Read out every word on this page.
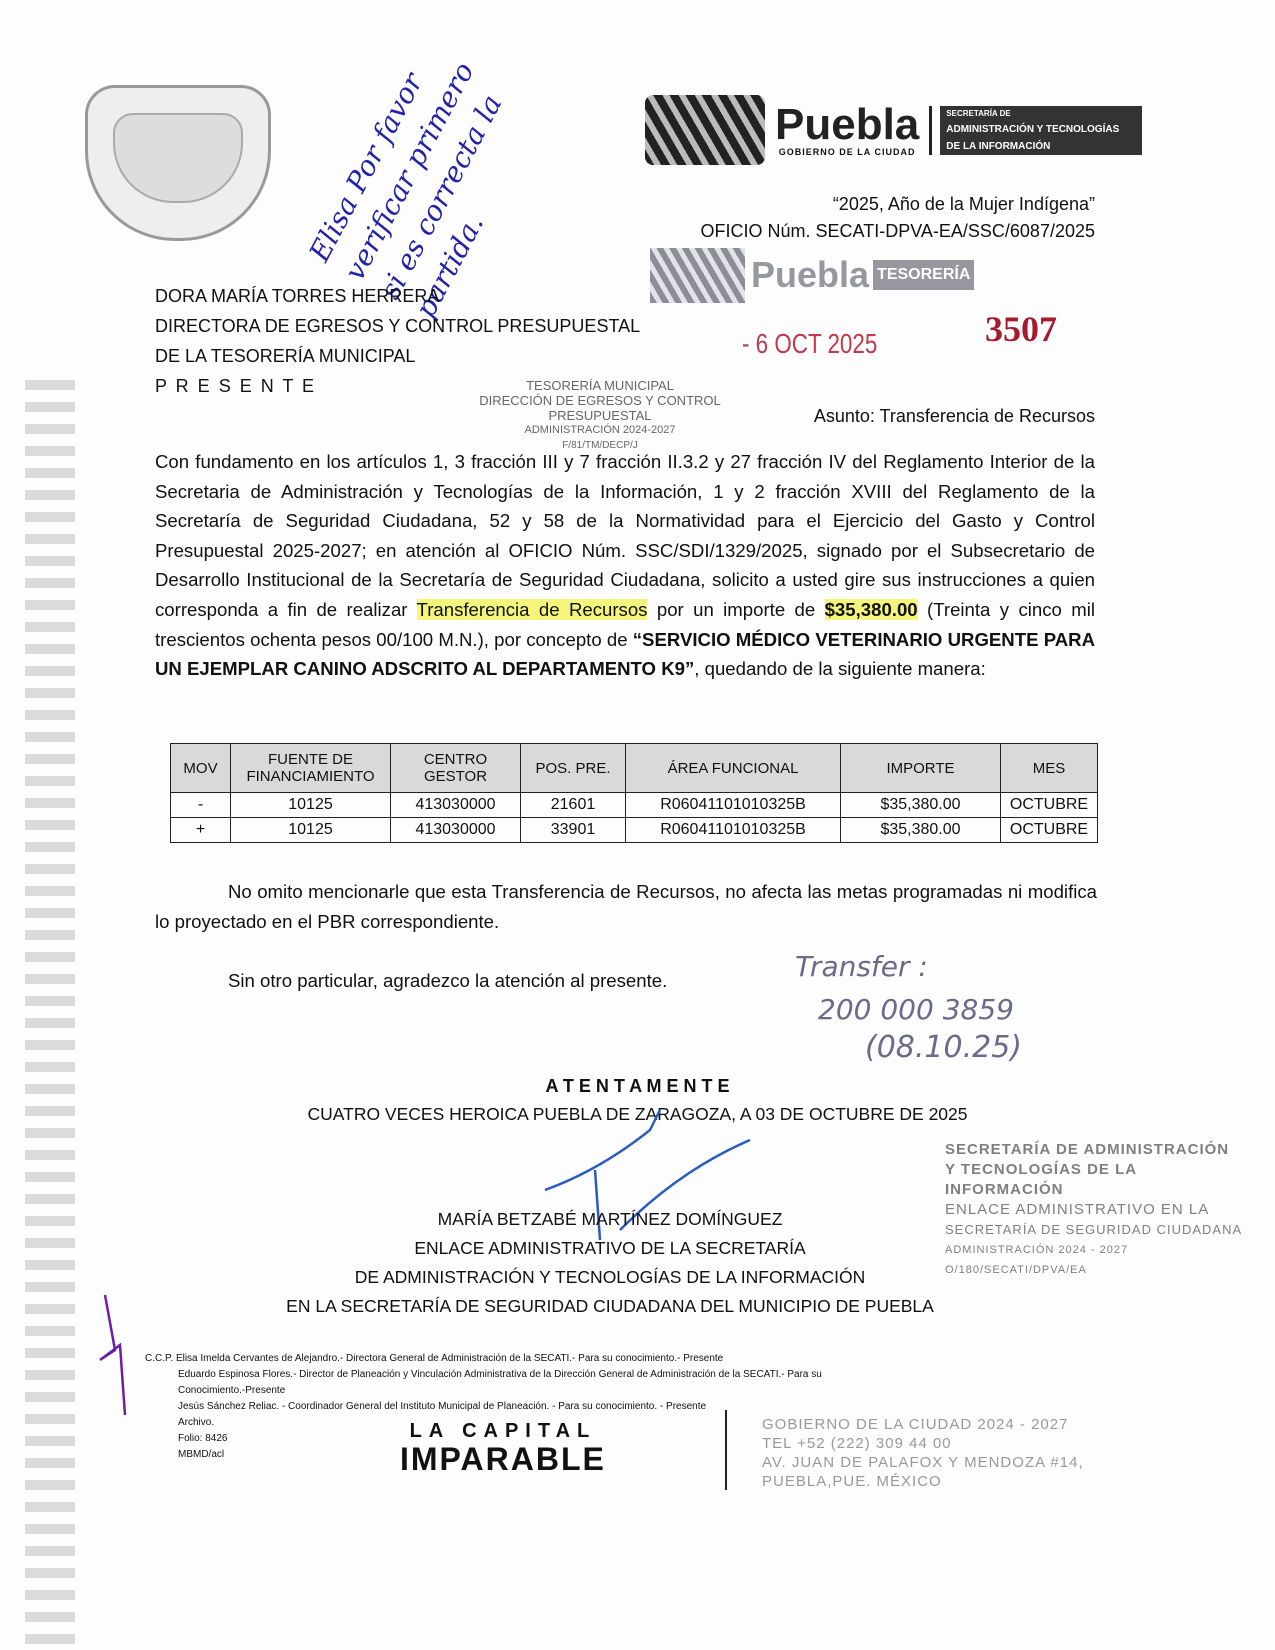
Elisa Por favor verificar primero si es correcta la partida.
Puebla
GOBIERNO DE LA CIUDAD
SECRETARÍA DE
ADMINISTRACIÓN Y TECNOLOGÍAS
DE LA INFORMACIÓN
“2025, Año de la Mujer Indígena”
OFICIO Núm. SECATI-DPVA-EA/SSC/6087/2025
Puebla TESORERÍA
- 6 OCT 2025	3507
TESORERÍA MUNICIPAL
DIRECCIÓN DE EGRESOS Y CONTROL
PRESUPUESTAL
ADMINISTRACIÓN 2024-2027
F/81/TM/DECP/J
DORA MARÍA TORRES HERRERA
DIRECTORA DE EGRESOS Y CONTROL PRESUPUESTAL
DE LA TESORERÍA MUNICIPAL
P R E S E N T E
Asunto: Transferencia de Recursos
Con fundamento en los artículos 1, 3 fracción III y 7 fracción II.3.2 y 27 fracción IV del Reglamento Interior de la Secretaria de Administración y Tecnologías de la Información, 1 y 2 fracción XVIII del Reglamento de la Secretaría de Seguridad Ciudadana, 52 y 58 de la Normatividad para el Ejercicio del Gasto y Control Presupuestal 2025-2027; en atención al OFICIO Núm. SSC/SDI/1329/2025, signado por el Subsecretario de Desarrollo Institucional de la Secretaría de Seguridad Ciudadana, solicito a usted gire sus instrucciones a quien corresponda a fin de realizar Transferencia de Recursos por un importe de $35,380.00 (Treinta y cinco mil trescientos ochenta pesos 00/100 M.N.), por concepto de “SERVICIO MÉDICO VETERINARIO URGENTE PARA UN EJEMPLAR CANINO ADSCRITO AL DEPARTAMENTO K9”, quedando de la siguiente manera:
MOV	FUENTE DE FINANCIAMIENTO	CENTRO GESTOR	POS. PRE.	ÁREA FUNCIONAL	IMPORTE	MES
-	10125	413030000	21601	R06041101010325B	$35,380.00	OCTUBRE
+	10125	413030000	33901	R06041101010325B	$35,380.00	OCTUBRE
No omito mencionarle que esta Transferencia de Recursos, no afecta las metas programadas ni modifica lo proyectado en el PBR correspondiente.
Sin otro particular, agradezco la atención al presente.	Transfer :
200 000 3859
(08.10.25)
A T E N T A M E N T E
CUATRO VECES HEROICA PUEBLA DE ZARAGOZA, A 03 DE OCTUBRE DE 2025
SECRETARÍA DE ADMINISTRACIÓN
Y TECNOLOGÍAS DE LA INFORMACIÓN
ENLACE ADMINISTRATIVO EN LA
SECRETARÍA DE SEGURIDAD CIUDADANA
ADMINISTRACIÓN 2024 - 2027
O/180/SECATI/DPVA/EA
MARÍA BETZABÉ MARTÍNEZ DOMÍNGUEZ
ENLACE ADMINISTRATIVO DE LA SECRETARÍA
DE ADMINISTRACIÓN Y TECNOLOGÍAS DE LA INFORMACIÓN
EN LA SECRETARÍA DE SEGURIDAD CIUDADANA DEL MUNICIPIO DE PUEBLA
C.C.P. Elisa Imelda Cervantes de Alejandro.- Directora General de Administración de la SECATI.- Para su conocimiento.- Presente
Eduardo Espinosa Flores.- Director de Planeación y Vinculación Administrativa de la Dirección General de Administración de la SECATI.- Para su
Conocimiento.-Presente
Jesús Sánchez Reliac. - Coordinador General del Instituto Municipal de Planeación. - Para su conocimiento. - Presente
Archivo.
Folio: 8426
MBMD/acl
LA CAPITAL
IMPARABLE
GOBIERNO DE LA CIUDAD 2024 - 2027
TEL +52 (222) 309 44 00
AV. JUAN DE PALAFOX Y MENDOZA #14,
PUEBLA,PUE. MÉXICO
